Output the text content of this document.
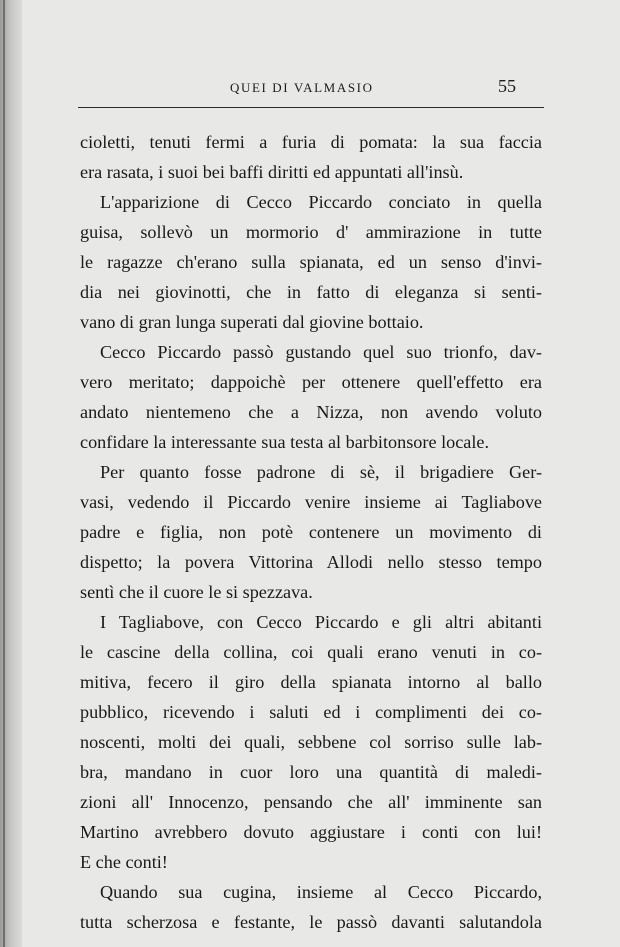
QUEI DI VALMASIO	55
cioletti, tenuti fermi a furia di pomata: la sua faccia
era rasata, i suoi bei baffi diritti ed appuntati all'insù.
L'apparizione di Cecco Piccardo conciato in quella
guisa, sollevò un mormorio d' ammirazione in tutte
le ragazze ch'erano sulla spianata, ed un senso d'invi-
dia nei giovinotti, che in fatto di eleganza si senti-
vano di gran lunga superati dal giovine bottaio.
Cecco Piccardo passò gustando quel suo trionfo, dav-
vero meritato; dappoichè per ottenere quell'effetto era
andato nientemeno che a Nizza, non avendo voluto
confidare la interessante sua testa al barbitonsore locale.
Per quanto fosse padrone di sè, il brigadiere Ger-
vasi, vedendo il Piccardo venire insieme ai Tagliabove
padre e figlia, non potè contenere un movimento di
dispetto; la povera Vittorina Allodi nello stesso tempo
sentì che il cuore le si spezzava.
I Tagliabove, con Cecco Piccardo e gli altri abitanti
le cascine della collina, coi quali erano venuti in co-
mitiva, fecero il giro della spianata intorno al ballo
pubblico, ricevendo i saluti ed i complimenti dei co-
noscenti, molti dei quali, sebbene col sorriso sulle lab-
bra, mandano in cuor loro una quantità di maledi-
zioni all' Innocenzo, pensando che all' imminente san
Martino avrebbero dovuto aggiustare i conti con lui!
E che conti!
Quando sua cugina, insieme al Cecco Piccardo,
tutta scherzosa e festante, le passò davanti salutandola
